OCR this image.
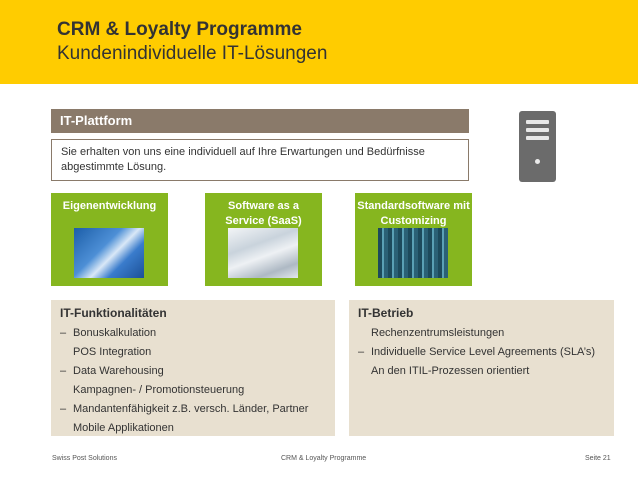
CRM & Loyalty Programme
Kundenindividuelle IT-Lösungen
IT-Plattform
Sie erhalten von uns eine individuell auf Ihre Erwartungen und Bedürfnisse abgestimmte Lösung.
Eigenentwicklung	Software as a Service (SaaS)
Standardsoftware mit Customizing
IT-Funktionalitäten
– Bonuskalkulation
POS Integration
– Data Warehousing
Kampagnen- / Promotionsteuerung
– Mandantenfähigkeit z.B. versch. Länder, Partner
Mobile Applikationen
IT-Betrieb
Rechenzentrumsleistungen
– Individuelle Service Level Agreements (SLA’s)
An den ITIL-Prozessen orientiert
Swiss Post Solutions	CRM & Loyalty Programme	Seite 21
